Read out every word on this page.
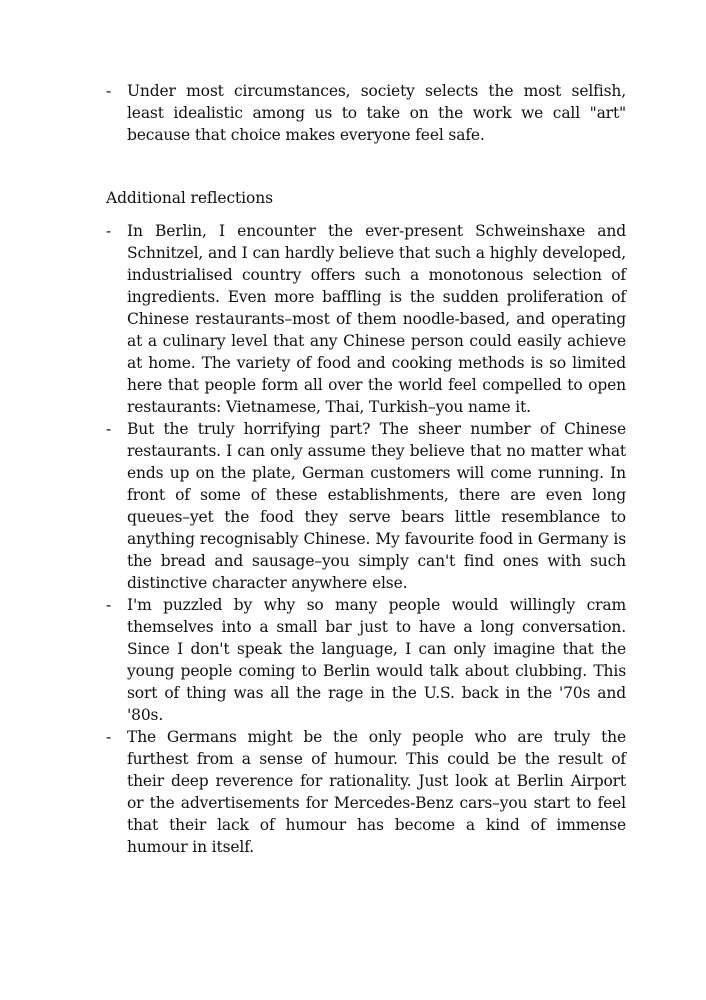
-	Under most circumstances, society selects the most selfish, least idealistic among us to take on the work we call "art" because that choice makes everyone feel safe.
Additional reflections
-	In Berlin, I encounter the ever-present Schweinshaxe and Schnitzel, and I can hardly believe that such a highly developed, industrialised country offers such a monotonous selection of ingredients. Even more baffling is the sudden proliferation of Chinese restaurants–most of them noodle-based, and operating at a culinary level that any Chinese person could easily achieve at home. The variety of food and cooking methods is so limited here that people form all over the world feel compelled to open restaurants: Vietnamese, Thai, Turkish–you name it.
-	But the truly horrifying part? The sheer number of Chinese restaurants. I can only assume they believe that no matter what ends up on the plate, German customers will come running. In front of some of these establishments, there are even long queues–yet the food they serve bears little resemblance to anything recognisably Chinese. My favourite food in Germany is the bread and sausage–you simply can't find ones with such distinctive character anywhere else.
-	I'm puzzled by why so many people would willingly cram themselves into a small bar just to have a long conversation. Since I don't speak the language, I can only imagine that the young people coming to Berlin would talk about clubbing. This sort of thing was all the rage in the U.S. back in the '70s and '80s.
-	The Germans might be the only people who are truly the furthest from a sense of humour. This could be the result of their deep reverence for rationality. Just look at Berlin Airport or the advertisements for Mercedes-Benz cars–you start to feel that their lack of humour has become a kind of immense humour in itself.
